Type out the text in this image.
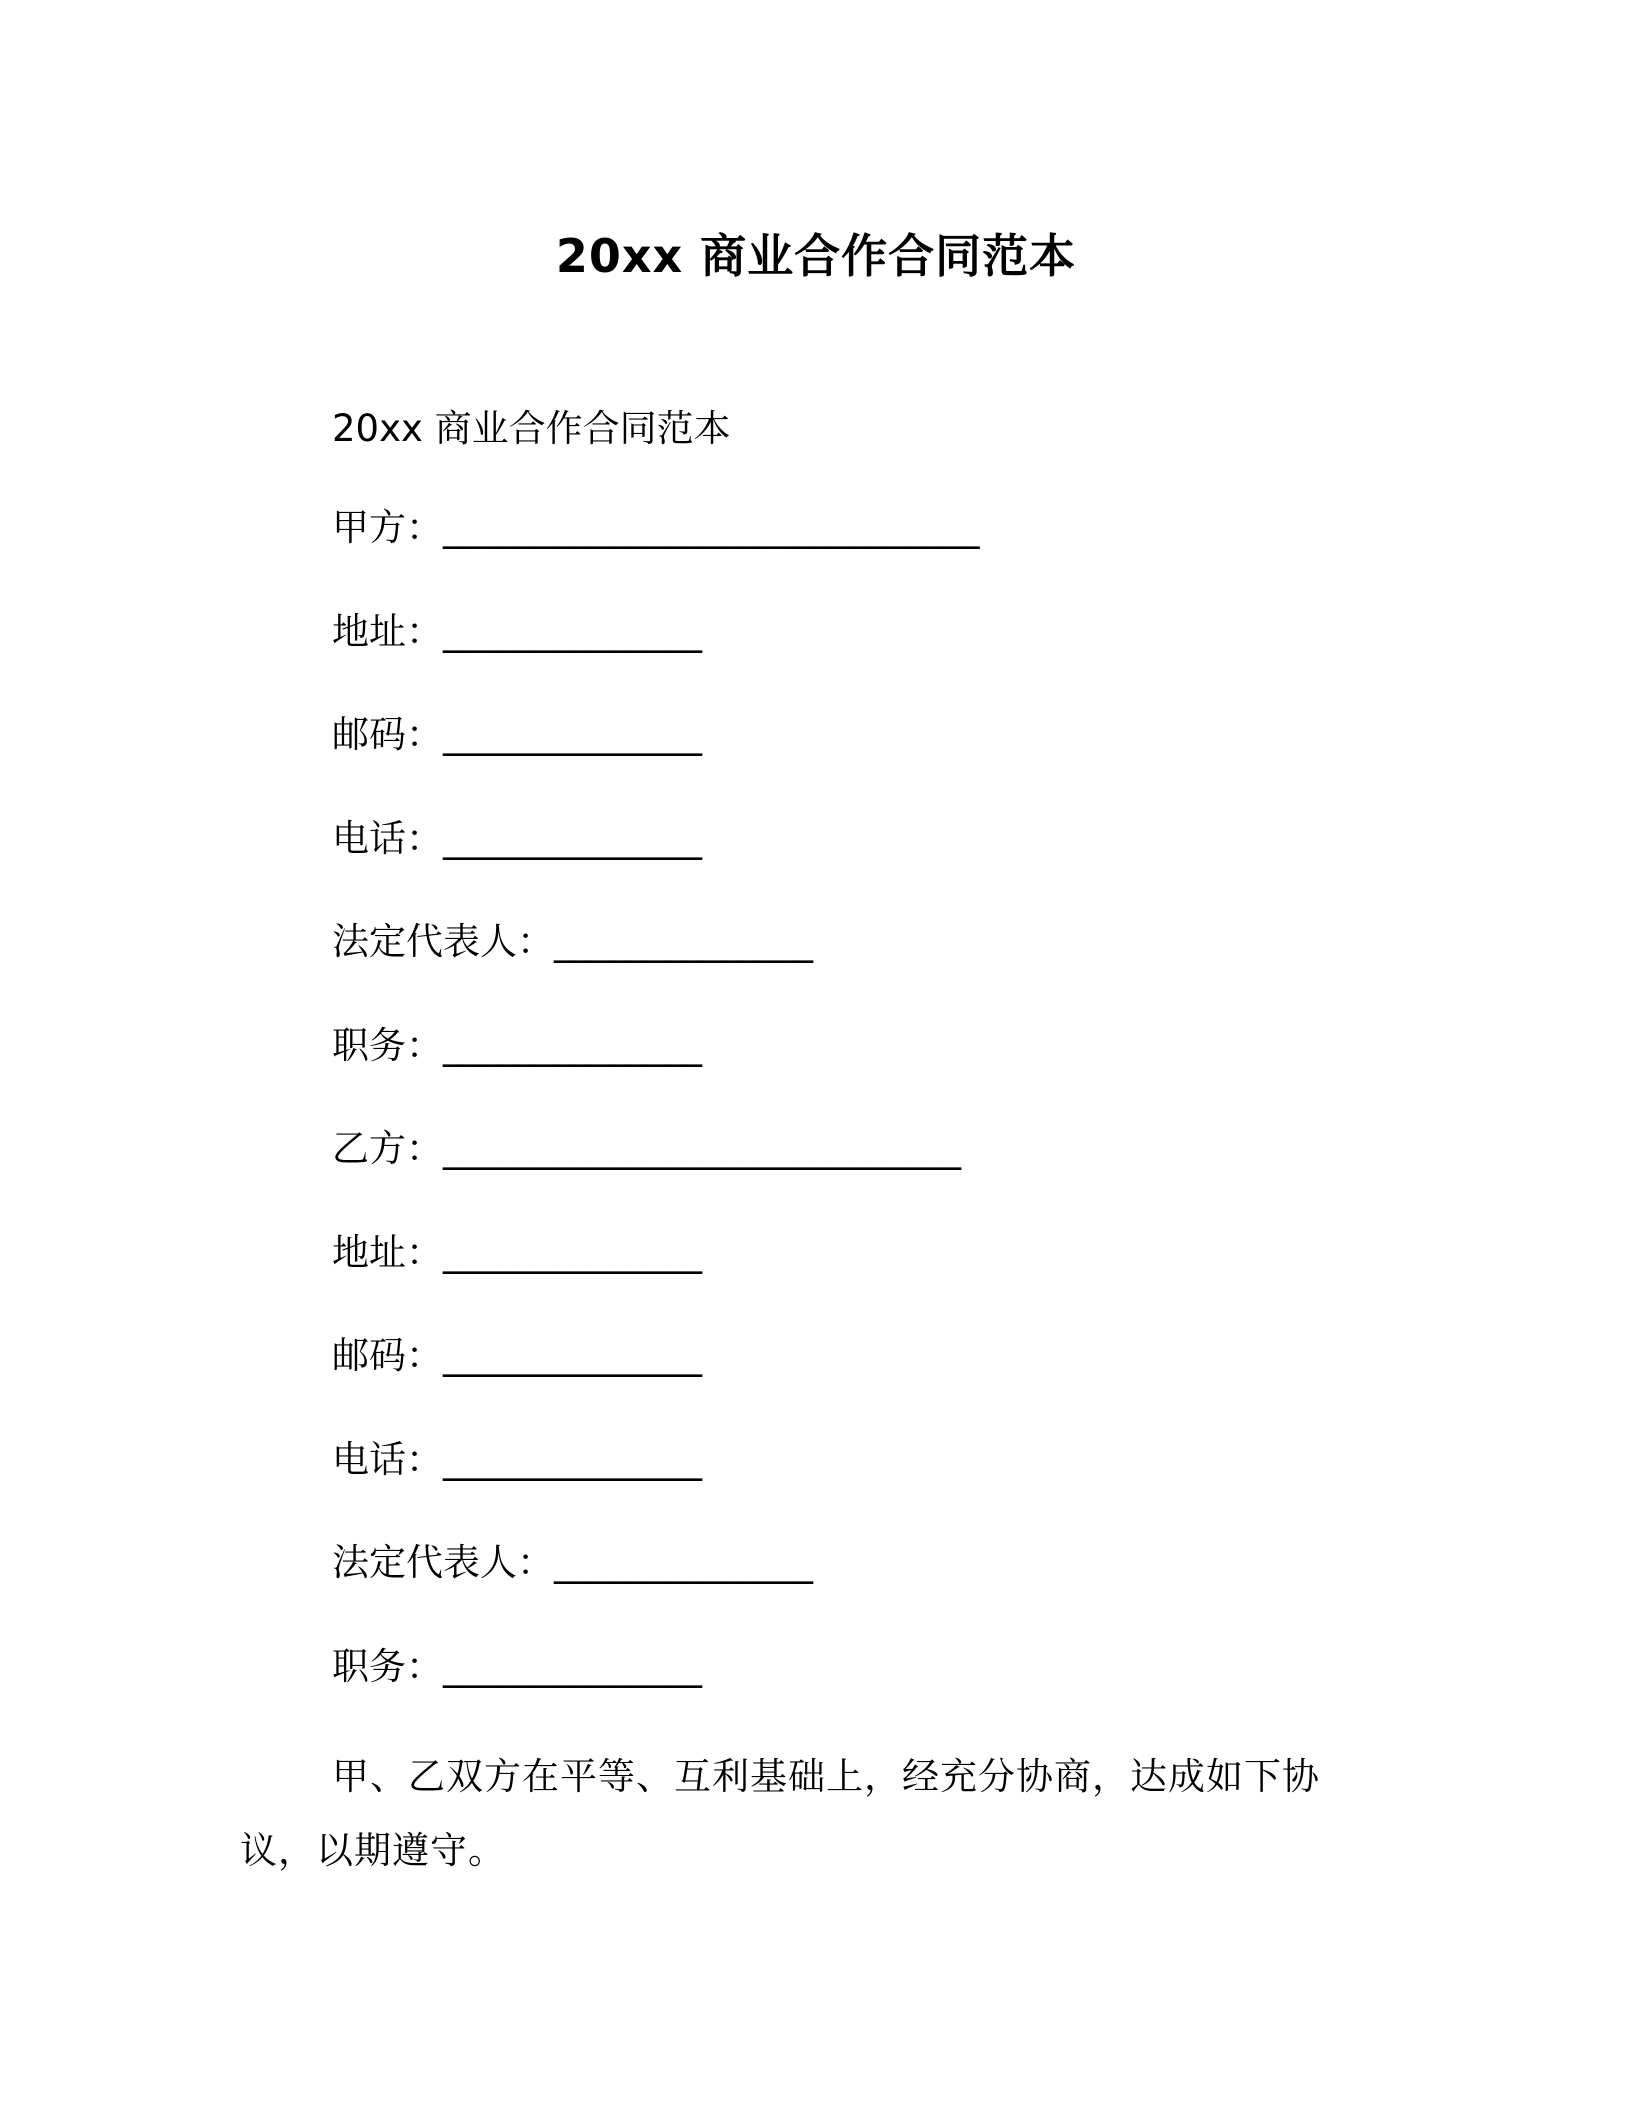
20xx 商业合作合同范本
20xx 商业合作合同范本
甲方：_____________________________
地址：______________
邮码：______________
电话：______________
法定代表人：______________
职务：______________
乙方：____________________________
地址：______________
邮码：______________
电话：______________
法定代表人：______________
职务：______________

甲、乙双方在平等、互利基础上，经充分协商，达成如下协议，以期遵守。
